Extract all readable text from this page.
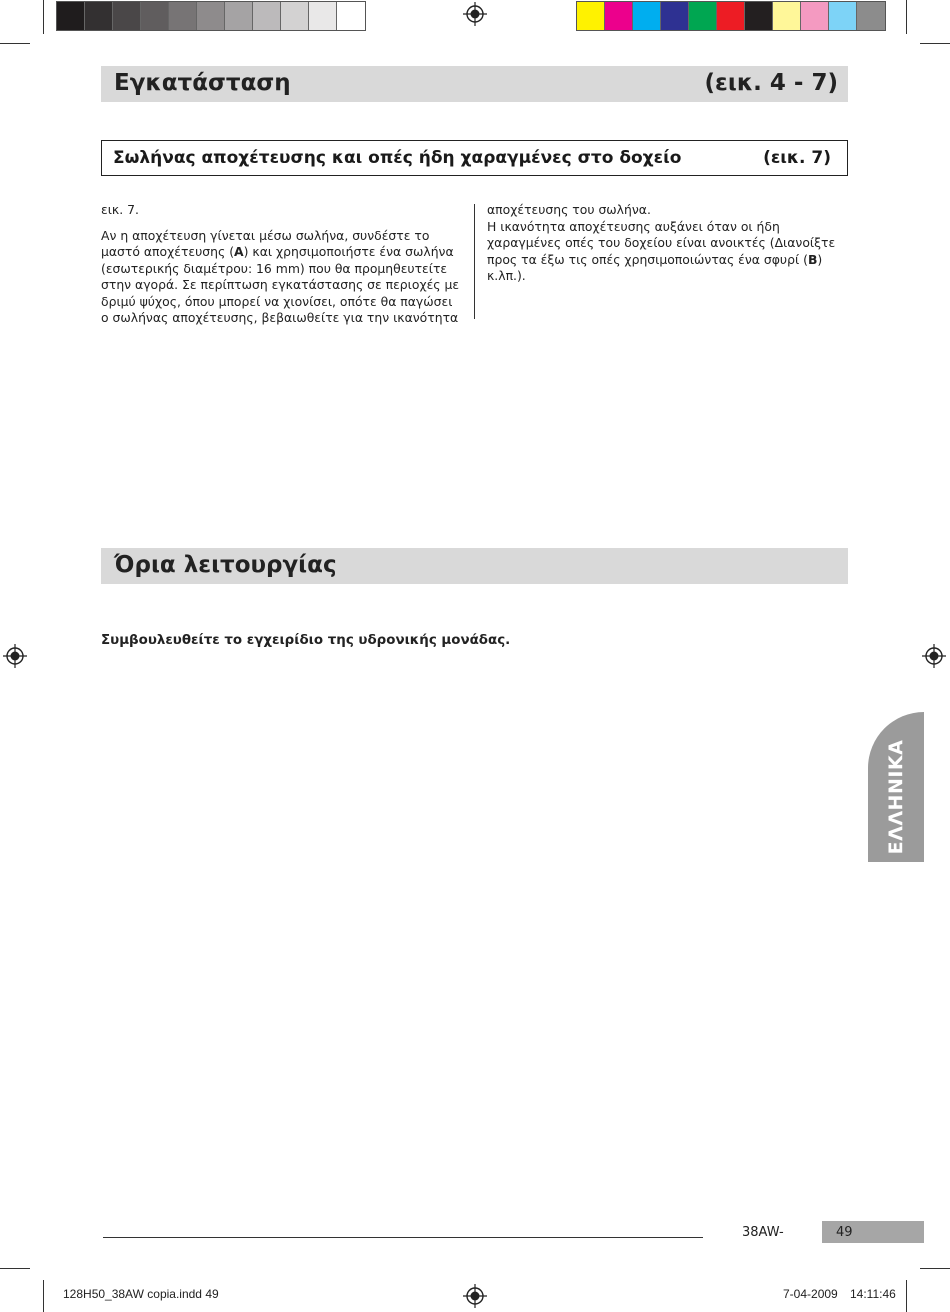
Εγκατάσταση	(εικ. 4 - 7)
Σωλήνας αποχέτευσης και οπές ήδη χαραγμένες στο δοχείο	(εικ. 7)

εικ. 7.

Αν η αποχέτευση γίνεται μέσω σωλήνα, συνδέστε το μαστό αποχέτευσης (A) και χρησιμοποιήστε ένα σωλήνα (εσωτερικής διαμέτρου: 16 mm) που θα προμηθευτείτε στην αγορά. Σε περίπτωση εγκατάστασης σε περιοχές με δριμύ ψύχος, όπου μπορεί να χιονίσει, οπότε θα παγώσει ο σωλήνας αποχέτευσης, βεβαιωθείτε για την ικανότητα

αποχέτευσης του σωλήνα.

Η ικανότητα αποχέτευσης αυξάνει όταν οι ήδη χαραγμένες οπές του δοχείου είναι ανοικτές (Διανοίξτε προς τα έξω τις οπές χρησιμοποιώντας ένα σφυρί (B) κ.λπ.).

Όρια λειτουργίας
Συμβουλευθείτε το εγχειρίδιο της υδρονικής μονάδας.
ΕΛΛΗΝΙΚΑ
38AW-	49
128H50_38AW copia.indd 49	7-04-2009 14:11:46
